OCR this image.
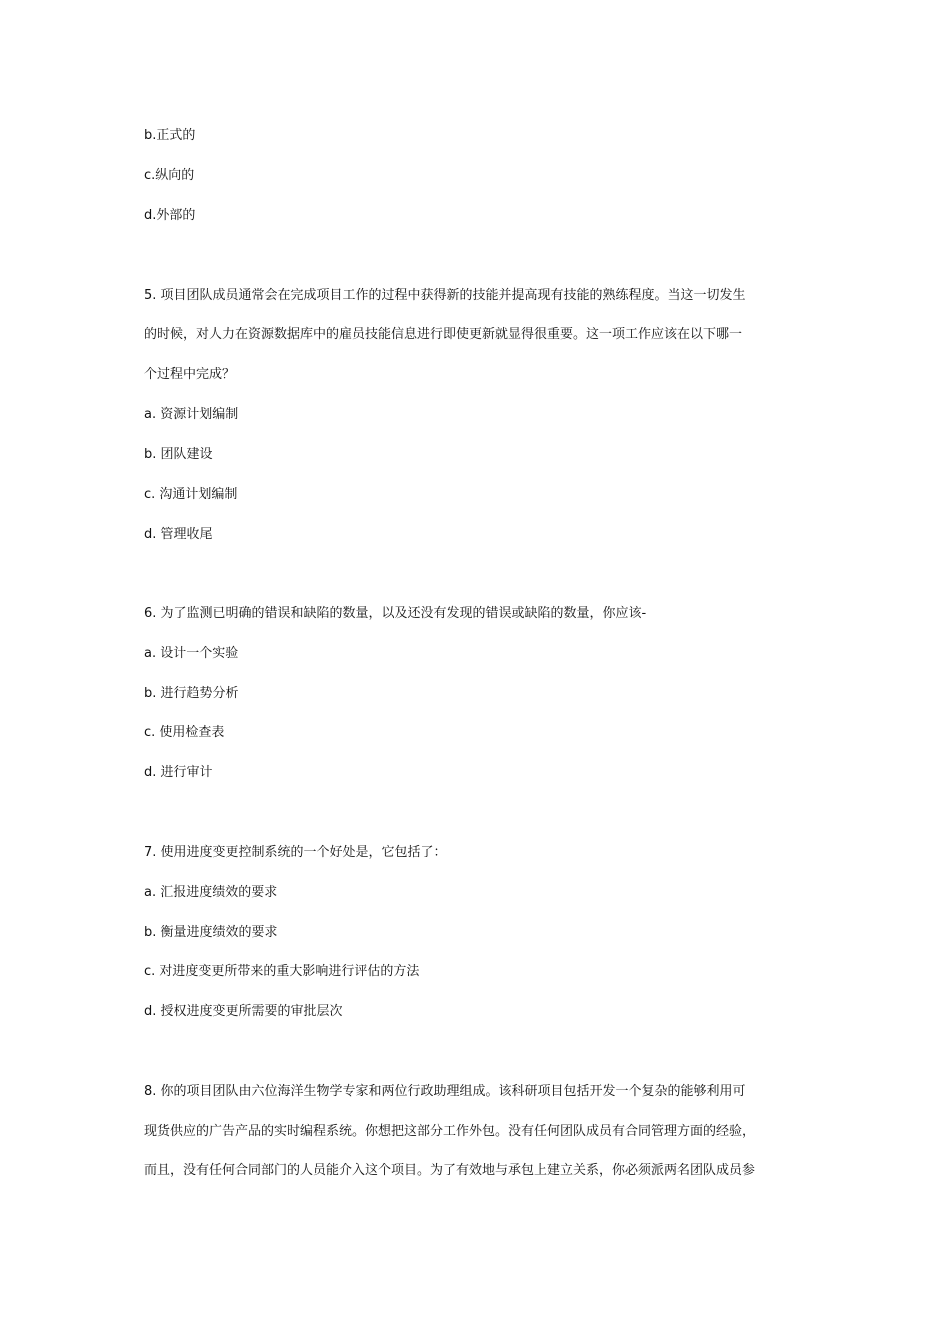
b.正式的
c.纵向的
d.外部的
5. 项目团队成员通常会在完成项目工作的过程中获得新的技能并提高现有技能的熟练程度。当这一切发生
的时候，对人力在资源数据库中的雇员技能信息进行即使更新就显得很重要。这一项工作应该在以下哪一
个过程中完成？
a. 资源计划编制
b. 团队建设
c. 沟通计划编制
d. 管理收尾
6. 为了监测已明确的错误和缺陷的数量，以及还没有发现的错误或缺陷的数量，你应该-
a. 设计一个实验
b. 进行趋势分析
c. 使用检查表
d. 进行审计
7. 使用进度变更控制系统的一个好处是，它包括了：
a. 汇报进度绩效的要求
b. 衡量进度绩效的要求
c. 对进度变更所带来的重大影响进行评估的方法
d. 授权进度变更所需要的审批层次
8. 你的项目团队由六位海洋生物学专家和两位行政助理组成。该科研项目包括开发一个复杂的能够利用可
现货供应的广告产品的实时编程系统。你想把这部分工作外包。没有任何团队成员有合同管理方面的经验，
而且，没有任何合同部门的人员能介入这个项目。为了有效地与承包上建立关系，你必须派两名团队成员参
